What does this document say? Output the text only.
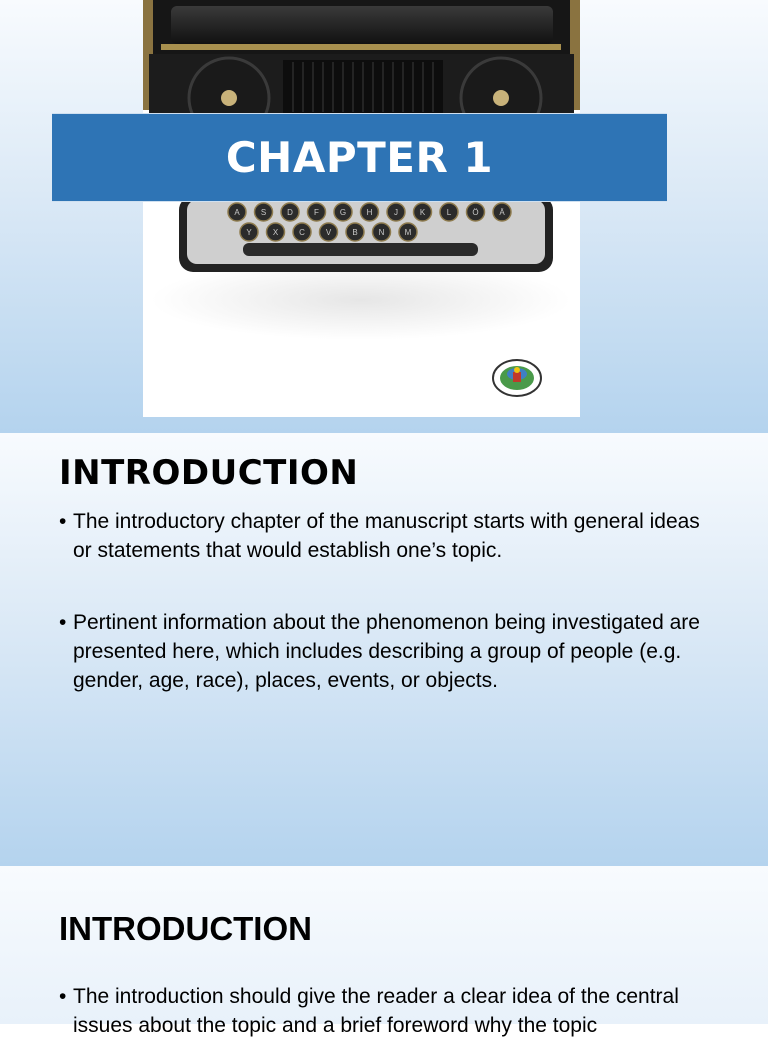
A	S	D	F	G	H	J	K	L	Ö	Ä
Y	X	C	V	B	N	M
CHAPTER 1
INTRODUCTION
• The introductory chapter of the manuscript starts with general ideas or statements that would establish one’s topic.
• Pertinent information about the phenomenon being investigated are presented here, which includes describing a group of people (e.g. gender, age, race), places, events, or objects.
INTRODUCTION
• The introduction should give the reader a clear idea of the central issues about the topic and a brief foreword why the topic
